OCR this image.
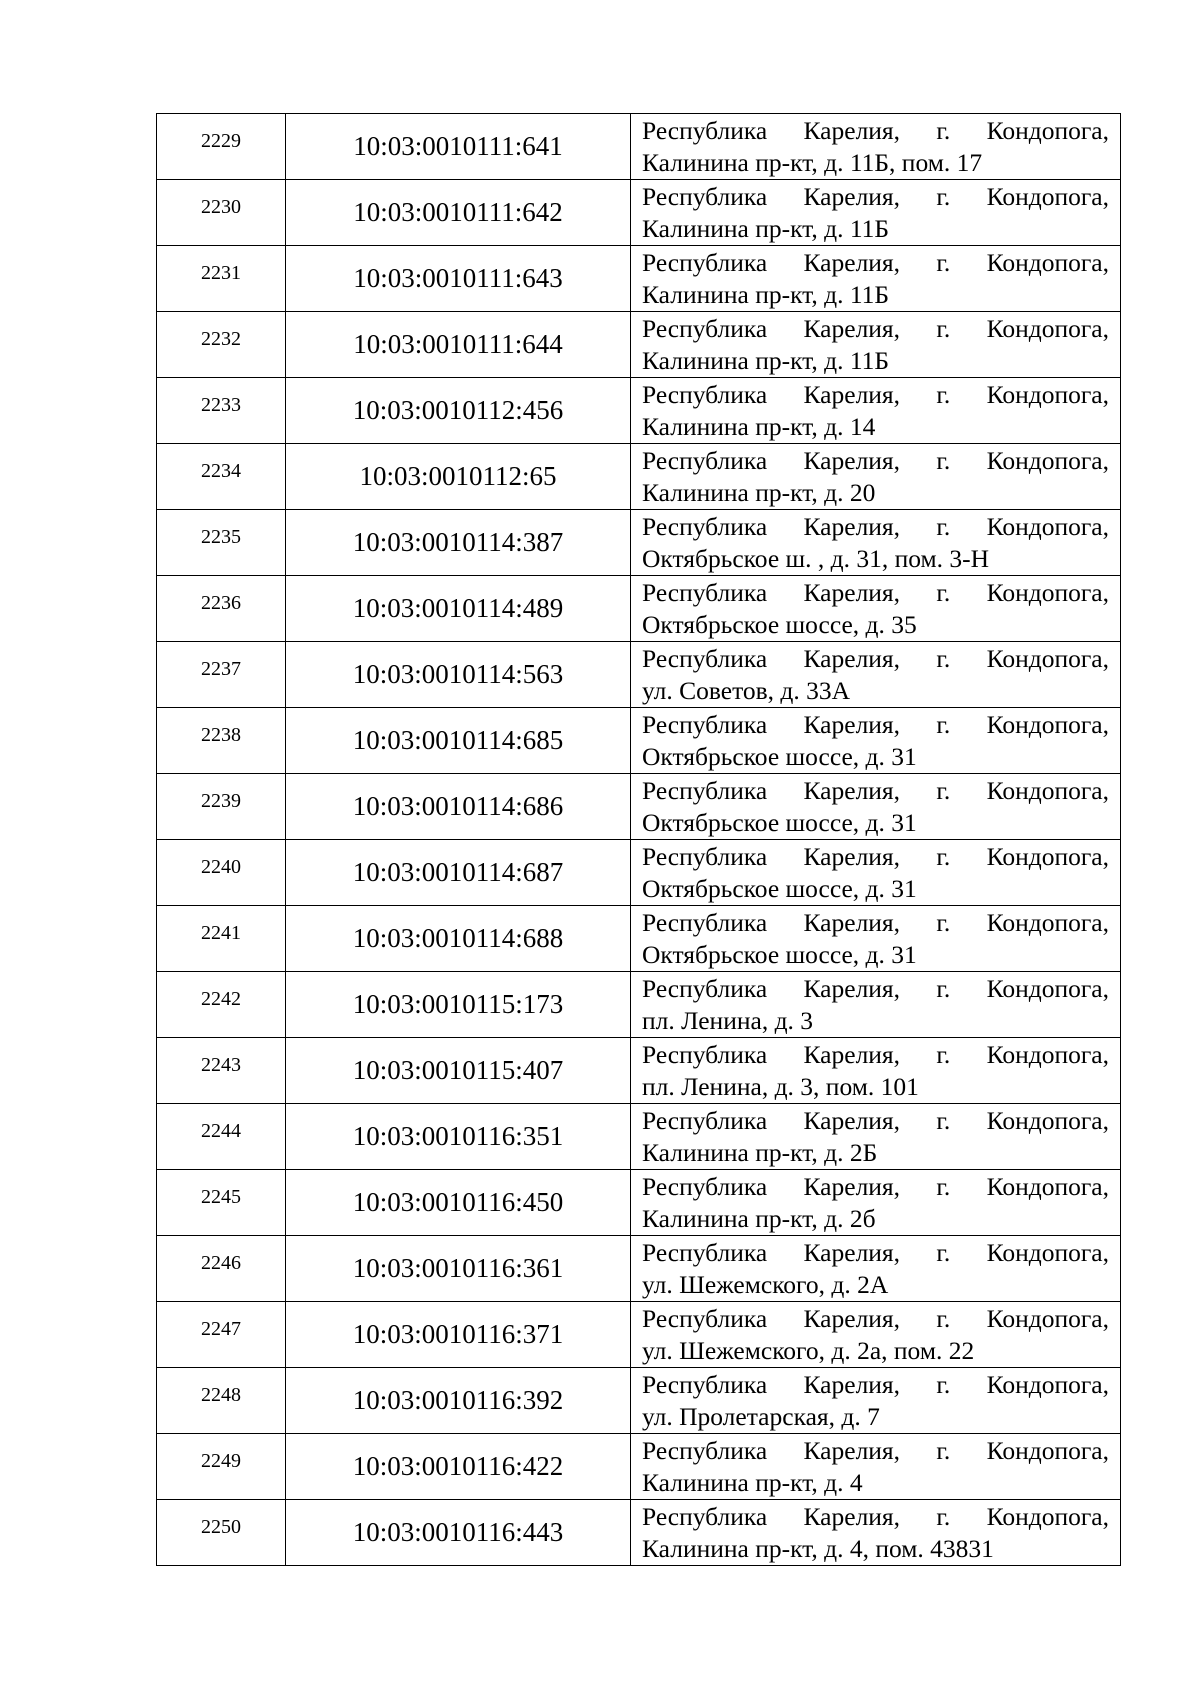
2229	10:03:0010111:641	Республика Карелия, г. Кондопога,
Калинина пр-кт, д. 11Б, пом. 17

2230	10:03:0010111:642	Республика Карелия, г. Кондопога,
Калинина пр-кт, д. 11Б

2231	10:03:0010111:643	Республика Карелия, г. Кондопога,
Калинина пр-кт, д. 11Б

2232	10:03:0010111:644	Республика Карелия, г. Кондопога,
Калинина пр-кт, д. 11Б

2233	10:03:0010112:456	Республика Карелия, г. Кондопога,
Калинина пр-кт, д. 14

2234	10:03:0010112:65	Республика Карелия, г. Кондопога,
Калинина пр-кт, д. 20

2235	10:03:0010114:387	Республика Карелия, г. Кондопога,
Октябрьское ш. , д. 31, пом. 3-Н

2236	10:03:0010114:489	Республика Карелия, г. Кондопога,
Октябрьское шоссе, д. 35

2237	10:03:0010114:563	Республика Карелия, г. Кондопога,
ул. Советов, д. 33А

2238	10:03:0010114:685	Республика Карелия, г. Кондопога,
Октябрьское шоссе, д. 31

2239	10:03:0010114:686	Республика Карелия, г. Кондопога,
Октябрьское шоссе, д. 31

2240	10:03:0010114:687	Республика Карелия, г. Кондопога,
Октябрьское шоссе, д. 31

2241	10:03:0010114:688	Республика Карелия, г. Кондопога,
Октябрьское шоссе, д. 31

2242	10:03:0010115:173	Республика Карелия, г. Кондопога,
пл. Ленина, д. 3

2243	10:03:0010115:407	Республика Карелия, г. Кондопога,
пл. Ленина, д. 3, пом. 101

2244	10:03:0010116:351	Республика Карелия, г. Кондопога,
Калинина пр-кт, д. 2Б

2245	10:03:0010116:450	Республика Карелия, г. Кондопога,
Калинина пр-кт, д. 2б

2246	10:03:0010116:361	Республика Карелия, г. Кондопога,
ул. Шежемского, д. 2А

2247	10:03:0010116:371	Республика Карелия, г. Кондопога,
ул. Шежемского, д. 2а, пом. 22

2248	10:03:0010116:392	Республика Карелия, г. Кондопога,
ул. Пролетарская, д. 7

2249	10:03:0010116:422	Республика Карелия, г. Кондопога,
Калинина пр-кт, д. 4

2250	10:03:0010116:443	Республика Карелия, г. Кондопога,
Калинина пр-кт, д. 4, пом. 43831
